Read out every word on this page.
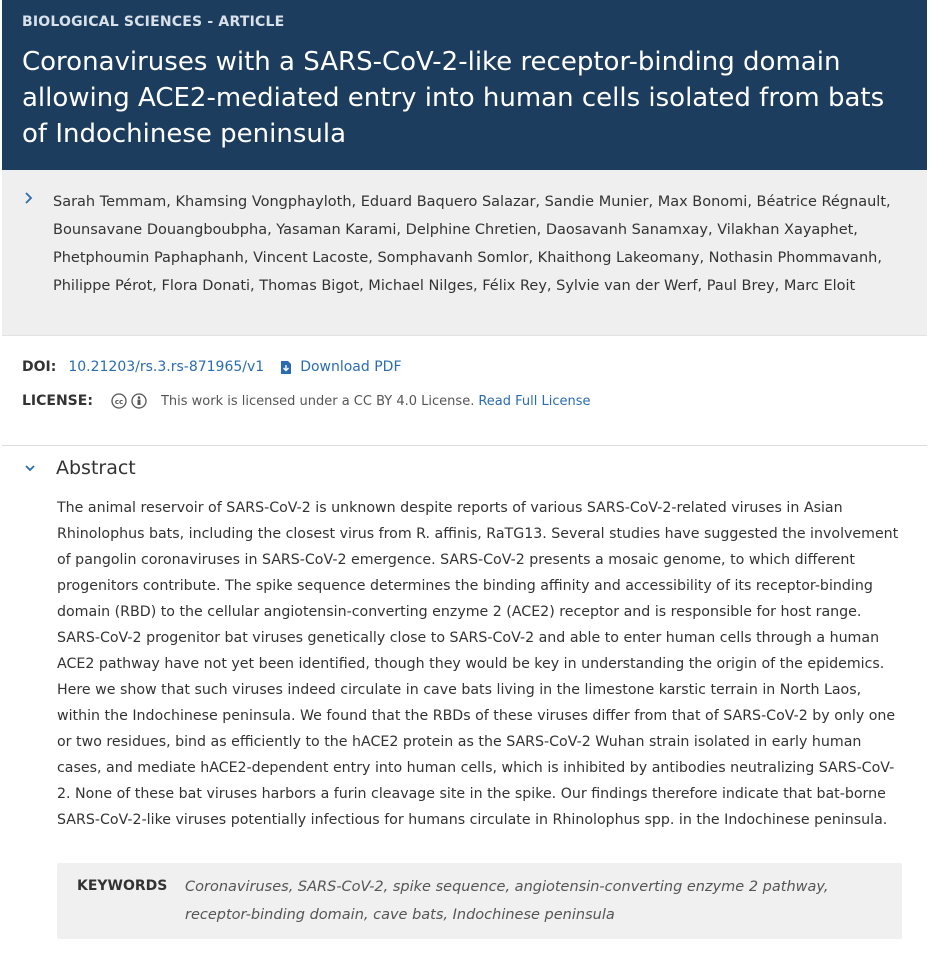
BIOLOGICAL SCIENCES - ARTICLE

Coronaviruses with a SARS-CoV-2-like receptor-binding domain allowing ACE2-mediated entry into human cells isolated from bats of Indochinese peninsula

Sarah Temmam, Khamsing Vongphayloth, Eduard Baquero Salazar, Sandie Munier, Max Bonomi, Béatrice Régnault, Bounsavane Douangboubpha, Yasaman Karami, Delphine Chretien, Daosavanh Sanamxay, Vilakhan Xayaphet, Phetphoumin Paphaphanh, Vincent Lacoste, Somphavanh Somlor, Khaithong Lakeomany, Nothasin Phommavanh, Philippe Pérot, Flora Donati, Thomas Bigot, Michael Nilges, Félix Rey, Sylvie van der Werf, Paul Brey, Marc Eloit

DOI: 10.21203/rs.3.rs-871965/v1	Download PDF
LICENSE:	cc	This work is licensed under a CC BY 4.0 License. Read Full License
Abstract

The animal reservoir of SARS-CoV-2 is unknown despite reports of various SARS-CoV-2-related viruses in Asian Rhinolophus bats, including the closest virus from R. affinis, RaTG13. Several studies have suggested the involvement of pangolin coronaviruses in SARS-CoV-2 emergence. SARS-CoV-2 presents a mosaic genome, to which different progenitors contribute. The spike sequence determines the binding affinity and accessibility of its receptor-binding domain (RBD) to the cellular angiotensin-converting enzyme 2 (ACE2) receptor and is responsible for host range. SARS-CoV-2 progenitor bat viruses genetically close to SARS-CoV-2 and able to enter human cells through a human ACE2 pathway have not yet been identified, though they would be key in understanding the origin of the epidemics. Here we show that such viruses indeed circulate in cave bats living in the limestone karstic terrain in North Laos, within the Indochinese peninsula. We found that the RBDs of these viruses differ from that of SARS-CoV-2 by only one or two residues, bind as efficiently to the hACE2 protein as the SARS-CoV-2 Wuhan strain isolated in early human cases, and mediate hACE2-dependent entry into human cells, which is inhibited by antibodies neutralizing SARS-CoV-2. None of these bat viruses harbors a furin cleavage site in the spike. Our findings therefore indicate that bat-borne SARS-CoV-2-like viruses potentially infectious for humans circulate in Rhinolophus spp. in the Indochinese peninsula.

KEYWORDS	Coronaviruses, SARS-CoV-2, spike sequence, angiotensin-converting enzyme 2 pathway, receptor-binding domain, cave bats, Indochinese peninsula
